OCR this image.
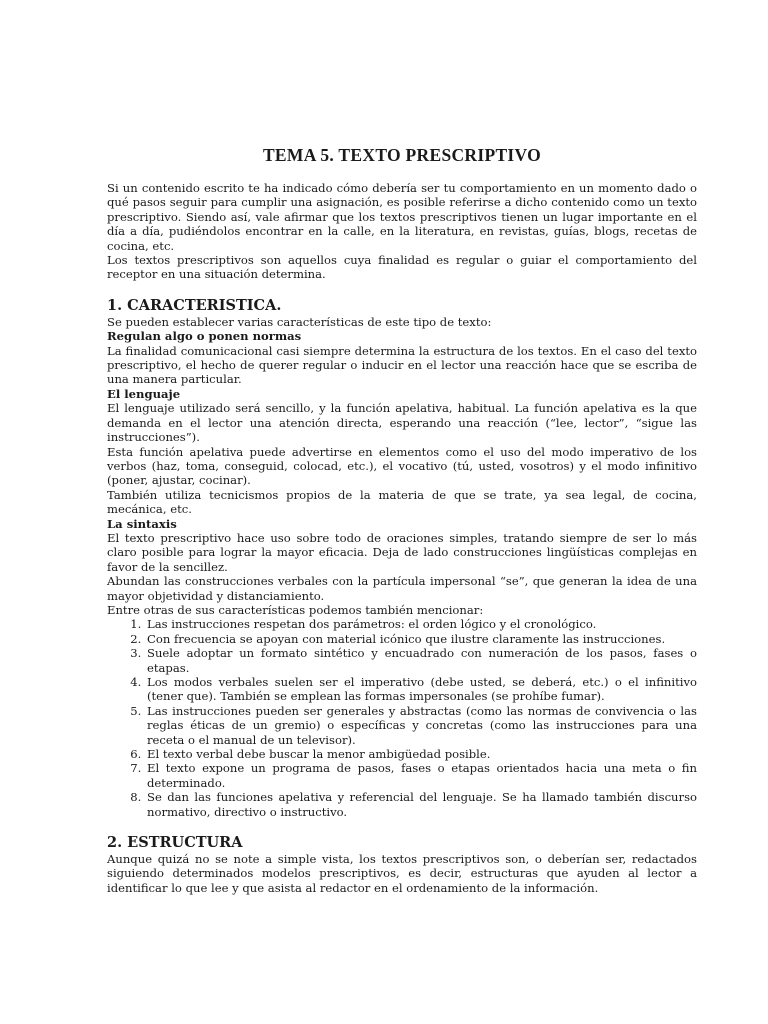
TEMA 5. TEXTO PRESCRIPTIVO

Si un contenido escrito te ha indicado cómo debería ser tu comportamiento en un momento dado o qué pasos seguir para cumplir una asignación, es posible referirse a dicho contenido como un texto prescriptivo. Siendo así, vale afirmar que los textos prescriptivos tienen un lugar importante en el día a día, pudiéndolos encontrar en la calle, en la literatura, en revistas, guías, blogs, recetas de cocina, etc.

Los textos prescriptivos son aquellos cuya finalidad es regular o guiar el comportamiento del receptor en una situación determina.

1. CARACTERISTICA.

Se pueden establecer varias características de este tipo de texto:

Regulan algo o ponen normas

La finalidad comunicacional casi siempre determina la estructura de los textos. En el caso del texto prescriptivo, el hecho de querer regular o inducir en el lector una reacción hace que se escriba de una manera particular.

El lenguaje

El lenguaje utilizado será sencillo, y la función apelativa, habitual. La función apelativa es la que demanda en el lector una atención directa, esperando una reacción (“lee, lector”, “sigue las instrucciones”).

Esta función apelativa puede advertirse en elementos como el uso del modo imperativo de los verbos (haz, toma, conseguid, colocad, etc.), el vocativo (tú, usted, vosotros) y el modo infinitivo (poner, ajustar, cocinar).

También utiliza tecnicismos propios de la materia de que se trate, ya sea legal, de cocina, mecánica, etc.

La sintaxis

El texto prescriptivo hace uso sobre todo de oraciones simples, tratando siempre de ser lo más claro posible para lograr la mayor eficacia. Deja de lado construcciones lingüísticas complejas en favor de la sencillez.

Abundan las construcciones verbales con la partícula impersonal “se”, que generan la idea de una mayor objetividad y distanciamiento.

Entre otras de sus características podemos también mencionar:

1. Las instrucciones respetan dos parámetros: el orden lógico y el cronológico.
2. Con frecuencia se apoyan con material icónico que ilustre claramente las instrucciones.
3. Suele adoptar un formato sintético y encuadrado con numeración de los pasos, fases o etapas.
4. Los modos verbales suelen ser el imperativo (debe usted, se deberá, etc.) o el infinitivo (tener que). También se emplean las formas impersonales (se prohíbe fumar).
5. Las instrucciones pueden ser generales y abstractas (como las normas de convivencia o las reglas éticas de un gremio) o específicas y concretas (como las instrucciones para una receta o el manual de un televisor).
6. El texto verbal debe buscar la menor ambigüedad posible.
7. El texto expone un programa de pasos, fases o etapas orientados hacia una meta o fin determinado.
8. Se dan las funciones apelativa y referencial del lenguaje. Se ha llamado también discurso normativo, directivo o instructivo.
2. ESTRUCTURA

Aunque quizá no se note a simple vista, los textos prescriptivos son, o deberían ser, redactados siguiendo determinados modelos prescriptivos, es decir, estructuras que ayuden al lector a identificar lo que lee y que asista al redactor en el ordenamiento de la información.
